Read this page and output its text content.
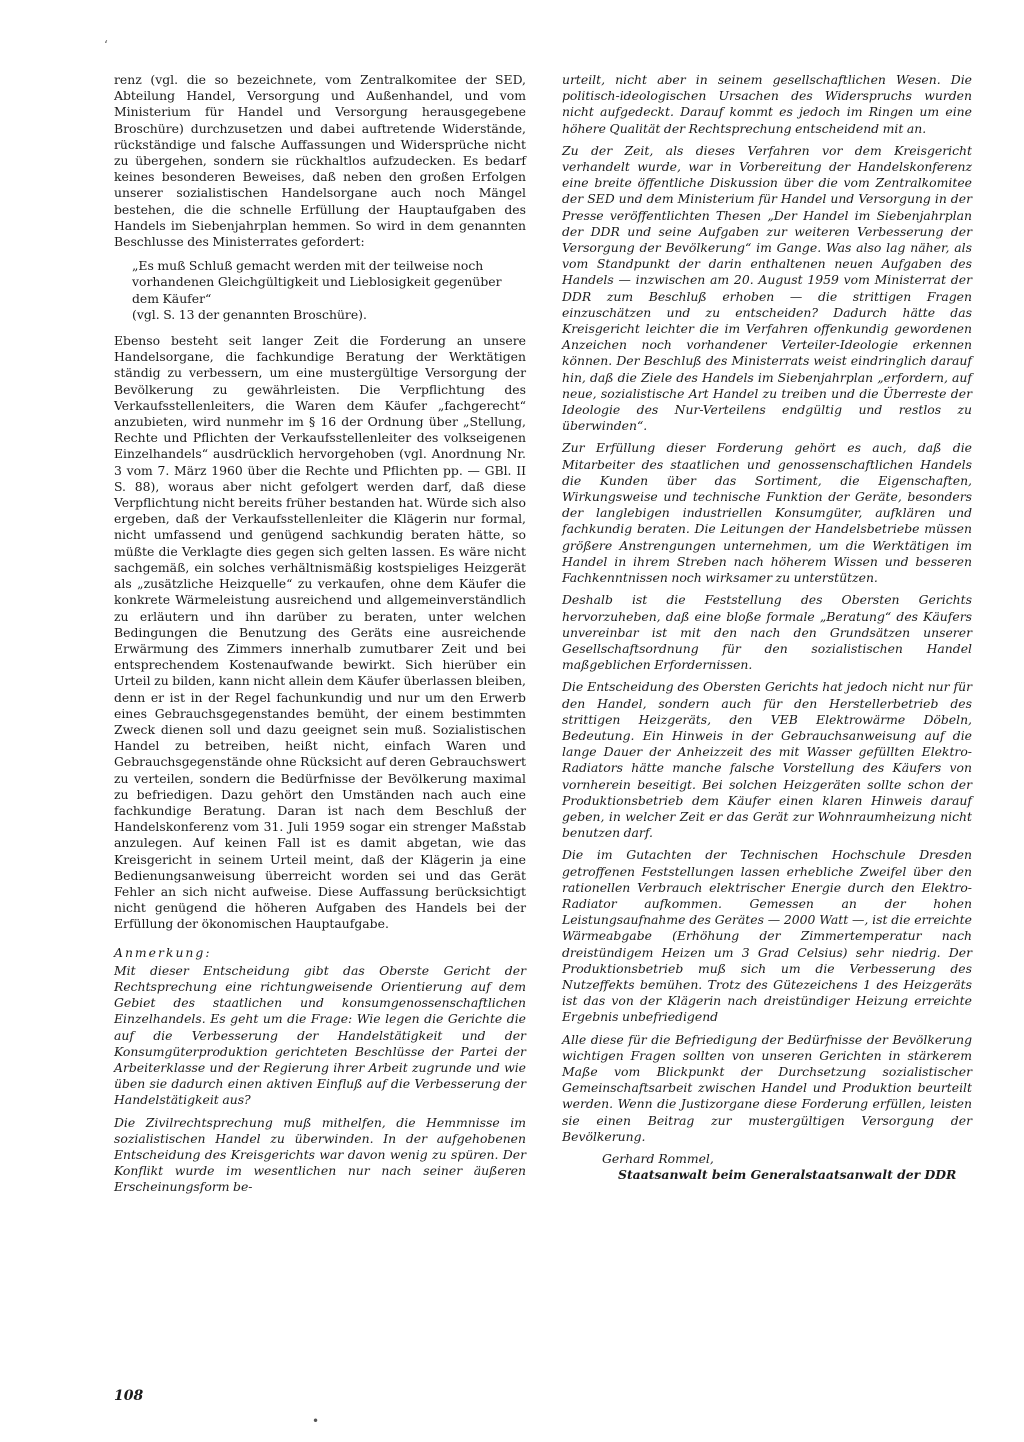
‘

renz (vgl. die so bezeichnete, vom Zentralkomitee der SED, Abteilung Handel, Versorgung und Außenhandel, und vom Ministerium für Handel und Versorgung herausgegebene Broschüre) durchzusetzen und dabei auftretende Widerstände, rückständige und falsche Auffassungen und Widersprüche nicht zu übergehen, sondern sie rückhaltlos aufzudecken. Es bedarf keines besonderen Beweises, daß neben den großen Erfolgen unserer sozialistischen Handelsorgane auch noch Mängel bestehen, die die schnelle Erfüllung der Hauptaufgaben des Handels im Siebenjahrplan hemmen. So wird in dem genannten Beschlusse des Ministerrates gefordert:

„Es muß Schluß gemacht werden mit der teilweise noch vorhandenen Gleichgültigkeit und Lieblosigkeit gegenüber dem Käufer“

(vgl. S. 13 der genannten Broschüre).

Ebenso besteht seit langer Zeit die Forderung an unsere Handelsorgane, die fachkundige Beratung der Werktätigen ständig zu verbessern, um eine mustergültige Versorgung der Bevölkerung zu gewährleisten. Die Verpflichtung des Verkaufsstellenleiters, die Waren dem Käufer „fachgerecht“ anzubieten, wird nunmehr im § 16 der Ordnung über „Stellung, Rechte und Pflichten der Verkaufsstellenleiter des volkseigenen Einzelhandels“ ausdrücklich hervorgehoben (vgl. Anordnung Nr. 3 vom 7. März 1960 über die Rechte und Pflichten pp. — GBl. II S. 88), woraus aber nicht gefolgert werden darf, daß diese Verpflichtung nicht bereits früher bestanden hat. Würde sich also ergeben, daß der Verkaufsstellenleiter die Klägerin nur formal, nicht umfassend und genügend sachkundig beraten hätte, so müßte die Verklagte dies gegen sich gelten lassen. Es wäre nicht sachgemäß, ein solches verhältnismäßig kostspieliges Heizgerät als „zusätzliche Heizquelle“ zu verkaufen, ohne dem Käufer die konkrete Wärmeleistung ausreichend und allgemeinverständlich zu erläutern und ihn darüber zu beraten, unter welchen Bedingungen die Benutzung des Geräts eine ausreichende Erwärmung des Zimmers innerhalb zumutbarer Zeit und bei entsprechendem Kostenaufwande bewirkt. Sich hierüber ein Urteil zu bilden, kann nicht allein dem Käufer überlassen bleiben, denn er ist in der Regel fachunkundig und nur um den Erwerb eines Gebrauchsgegenstandes bemüht, der einem bestimmten Zweck dienen soll und dazu geeignet sein muß. Sozialistischen Handel zu betreiben, heißt nicht, einfach Waren und Gebrauchsgegenstände ohne Rücksicht auf deren Gebrauchswert zu verteilen, sondern die Bedürfnisse der Bevölkerung maximal zu befriedigen. Dazu gehört den Umständen nach auch eine fachkundige Beratung. Daran ist nach dem Beschluß der Handelskonferenz vom 31. Juli 1959 sogar ein strenger Maßstab anzulegen. Auf keinen Fall ist es damit abgetan, wie das Kreisgericht in seinem Urteil meint, daß der Klägerin ja eine Bedienungsanweisung überreicht worden sei und das Gerät Fehler an sich nicht aufweise. Diese Auffassung berücksichtigt nicht genügend die höheren Aufgaben des Handels bei der Erfüllung der ökonomischen Hauptaufgabe.

Anmerkung:

Mit dieser Entscheidung gibt das Oberste Gericht der Rechtsprechung eine richtungweisende Orientierung auf dem Gebiet des staatlichen und konsumgenossenschaftlichen Einzelhandels. Es geht um die Frage: Wie legen die Gerichte die auf die Verbesserung der Handelstätigkeit und der Konsumgüterproduktion gerichteten Beschlüsse der Partei der Arbeiterklasse und der Regierung ihrer Arbeit zugrunde und wie üben sie dadurch einen aktiven Einfluß auf die Verbesserung der Handelstätigkeit aus?

Die Zivilrechtsprechung muß mithelfen, die Hemmnisse im sozialistischen Handel zu überwinden. In der aufgehobenen Entscheidung des Kreisgerichts war davon wenig zu spüren. Der Konflikt wurde im wesentlichen nur nach seiner äußeren Erscheinungsform be-

urteilt, nicht aber in seinem gesellschaftlichen Wesen. Die politisch-ideologischen Ursachen des Widerspruchs wurden nicht aufgedeckt. Darauf kommt es jedoch im Ringen um eine höhere Qualität der Rechtsprechung entscheidend mit an.

Zu der Zeit, als dieses Verfahren vor dem Kreisgericht verhandelt wurde, war in Vorbereitung der Handelskonferenz eine breite öffentliche Diskussion über die vom Zentralkomitee der SED und dem Ministerium für Handel und Versorgung in der Presse veröffentlichten Thesen „Der Handel im Siebenjahrplan der DDR und seine Aufgaben zur weiteren Verbesserung der Versorgung der Bevölkerung“ im Gange. Was also lag näher, als vom Standpunkt der darin enthaltenen neuen Aufgaben des Handels — inzwischen am 20. August 1959 vom Ministerrat der DDR zum Beschluß erhoben — die strittigen Fragen einzuschätzen und zu entscheiden? Dadurch hätte das Kreisgericht leichter die im Verfahren offenkundig gewordenen Anzeichen noch vorhandener Verteiler-Ideologie erkennen können. Der Beschluß des Ministerrats weist eindringlich darauf hin, daß die Ziele des Handels im Siebenjahrplan „erfordern, auf neue, sozialistische Art Handel zu treiben und die Überreste der Ideologie des Nur-Verteilens endgültig und restlos zu überwinden“.

Zur Erfüllung dieser Forderung gehört es auch, daß die Mitarbeiter des staatlichen und genossenschaftlichen Handels die Kunden über das Sortiment, die Eigenschaften, Wirkungsweise und technische Funktion der Geräte, besonders der langlebigen industriellen Konsumgüter, aufklären und fachkundig beraten. Die Leitungen der Handelsbetriebe müssen größere Anstrengungen unternehmen, um die Werktätigen im Handel in ihrem Streben nach höherem Wissen und besseren Fachkenntnissen noch wirksamer zu unterstützen.

Deshalb ist die Feststellung des Obersten Gerichts hervorzuheben, daß eine bloße formale „Beratung“ des Käufers unvereinbar ist mit den nach den Grundsätzen unserer Gesellschaftsordnung für den sozialistischen Handel maßgeblichen Erfordernissen.

Die Entscheidung des Obersten Gerichts hat jedoch nicht nur für den Handel, sondern auch für den Herstellerbetrieb des strittigen Heizgeräts, den VEB Elektrowärme Döbeln, Bedeutung. Ein Hinweis in der Gebrauchsanweisung auf die lange Dauer der Anheizzeit des mit Wasser gefüllten Elektro-Radiators hätte manche falsche Vorstellung des Käufers von vornherein beseitigt. Bei solchen Heizgeräten sollte schon der Produktionsbetrieb dem Käufer einen klaren Hinweis darauf geben, in welcher Zeit er das Gerät zur Wohnraumheizung nicht benutzen darf.

Die im Gutachten der Technischen Hochschule Dresden getroffenen Feststellungen lassen erhebliche Zweifel über den rationellen Verbrauch elektrischer Energie durch den Elektro-Radiator aufkommen. Gemessen an der hohen Leistungsaufnahme des Gerätes — 2000 Watt —, ist die erreichte Wärmeabgabe (Erhöhung der Zimmertemperatur nach dreistündigem Heizen um 3 Grad Celsius) sehr niedrig. Der Produktionsbetrieb muß sich um die Verbesserung des Nutzeffekts bemühen. Trotz des Gütezeichens 1 des Heizgeräts ist das von der Klägerin nach dreistündiger Heizung erreichte Ergebnis unbefriedigend

Alle diese für die Befriedigung der Bedürfnisse der Bevölkerung wichtigen Fragen sollten von unseren Gerichten in stärkerem Maße vom Blickpunkt der Durchsetzung sozialistischer Gemeinschaftsarbeit zwischen Handel und Produktion beurteilt werden. Wenn die Justizorgane diese Forderung erfüllen, leisten sie einen Beitrag zur mustergültigen Versorgung der Bevölkerung.

Gerhard Rommel,
Staatsanwalt beim Generalstaatsanwalt der DDR
108
•
